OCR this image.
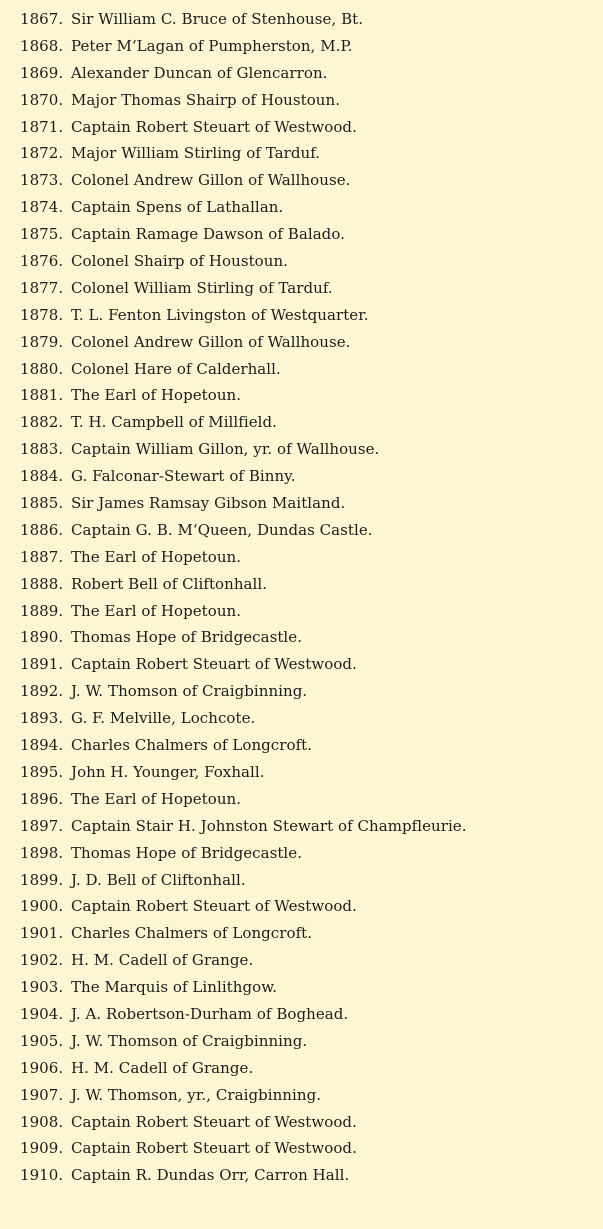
1867. Sir William C. Bruce of Stenhouse, Bt.
1868. Peter M‘Lagan of Pumpherston, M.P.
1869. Alexander Duncan of Glencarron.
1870. Major Thomas Shairp of Houstoun.
1871. Captain Robert Steuart of Westwood.
1872. Major William Stirling of Tarduf.
1873. Colonel Andrew Gillon of Wallhouse.
1874. Captain Spens of Lathallan.
1875. Captain Ramage Dawson of Balado.
1876. Colonel Shairp of Houstoun.
1877. Colonel William Stirling of Tarduf.
1878. T. L. Fenton Livingston of Westquarter.
1879. Colonel Andrew Gillon of Wallhouse.
1880. Colonel Hare of Calderhall.
1881. The Earl of Hopetoun.
1882. T. H. Campbell of Millfield.
1883. Captain William Gillon, yr. of Wallhouse.
1884. G. Falconar-Stewart of Binny.
1885. Sir James Ramsay Gibson Maitland.
1886. Captain G. B. M‘Queen, Dundas Castle.
1887. The Earl of Hopetoun.
1888. Robert Bell of Cliftonhall.
1889. The Earl of Hopetoun.
1890. Thomas Hope of Bridgecastle.
1891. Captain Robert Steuart of Westwood.
1892. J. W. Thomson of Craigbinning.
1893. G. F. Melville, Lochcote.
1894. Charles Chalmers of Longcroft.
1895. John H. Younger, Foxhall.
1896. The Earl of Hopetoun.
1897. Captain Stair H. Johnston Stewart of Champfleurie.
1898. Thomas Hope of Bridgecastle.
1899. J. D. Bell of Cliftonhall.
1900. Captain Robert Steuart of Westwood.
1901. Charles Chalmers of Longcroft.
1902. H. M. Cadell of Grange.
1903. The Marquis of Linlithgow.
1904. J. A. Robertson-Durham of Boghead.
1905. J. W. Thomson of Craigbinning.
1906. H. M. Cadell of Grange.
1907. J. W. Thomson, yr., Craigbinning.
1908. Captain Robert Steuart of Westwood.
1909. Captain Robert Steuart of Westwood.
1910. Captain R. Dundas Orr, Carron Hall.
